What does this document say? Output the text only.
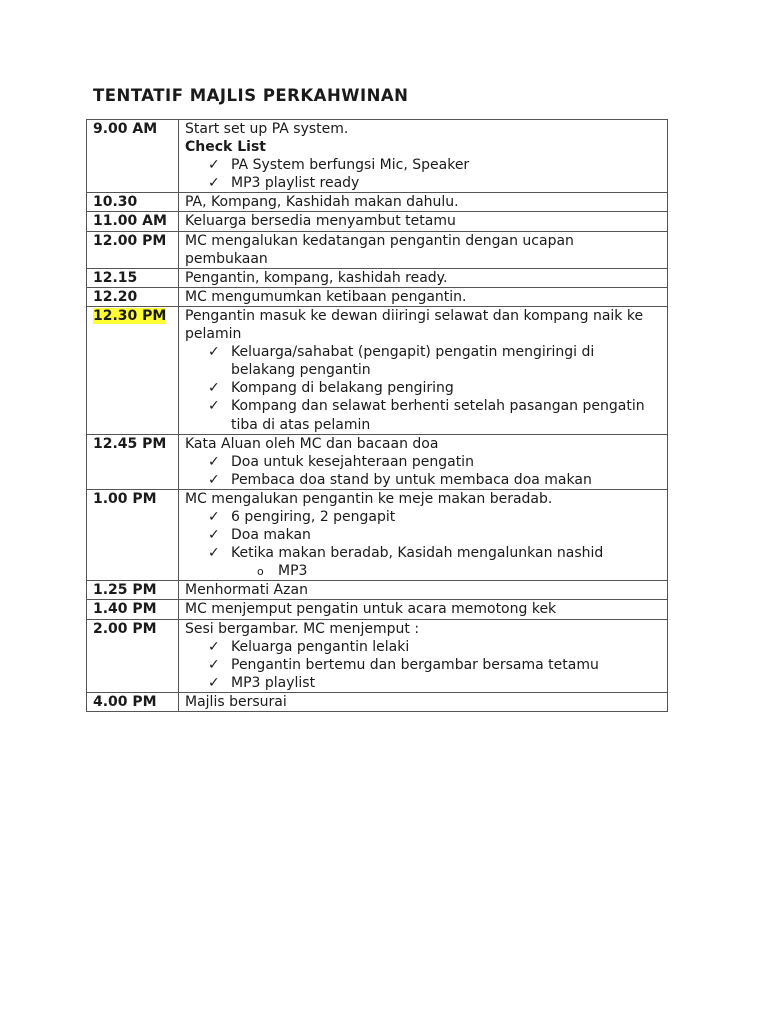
TENTATIF MAJLIS PERKAHWINAN
9.00 AM	Start set up PA system.
Check List
✓ PA System berfungsi Mic, Speaker
✓ MP3 playlist ready

10.30	PA, Kompang, Kashidah makan dahulu.

11.00 AM	Keluarga bersedia menyambut tetamu

12.00 PM	MC mengalukan kedatangan pengantin dengan ucapan pembukaan

12.15	Pengantin, kompang, kashidah ready.

12.20	MC mengumumkan ketibaan pengantin.

12.30 PM	Pengantin masuk ke dewan diiringi selawat dan kompang naik ke pelamin
✓ Keluarga/sahabat (pengapit) pengatin mengiringi di belakang pengantin
✓ Kompang di belakang pengiring
✓ Kompang dan selawat berhenti setelah pasangan pengatin tiba di atas pelamin

12.45 PM	Kata Aluan oleh MC dan bacaan doa
✓ Doa untuk kesejahteraan pengatin
✓ Pembaca doa stand by untuk membaca doa makan

1.00 PM	MC mengalukan pengantin ke meje makan beradab.
✓ 6 pengiring, 2 pengapit
✓ Doa makan
✓ Ketika makan beradab, Kasidah mengalunkan nashid
o MP3

1.25 PM	Menhormati Azan

1.40 PM	MC menjemput pengatin untuk acara memotong kek

2.00 PM	Sesi bergambar. MC menjemput :
✓ Keluarga pengantin lelaki
✓ Pengantin bertemu dan bergambar bersama tetamu
✓ MP3 playlist

4.00 PM	Majlis bersurai
